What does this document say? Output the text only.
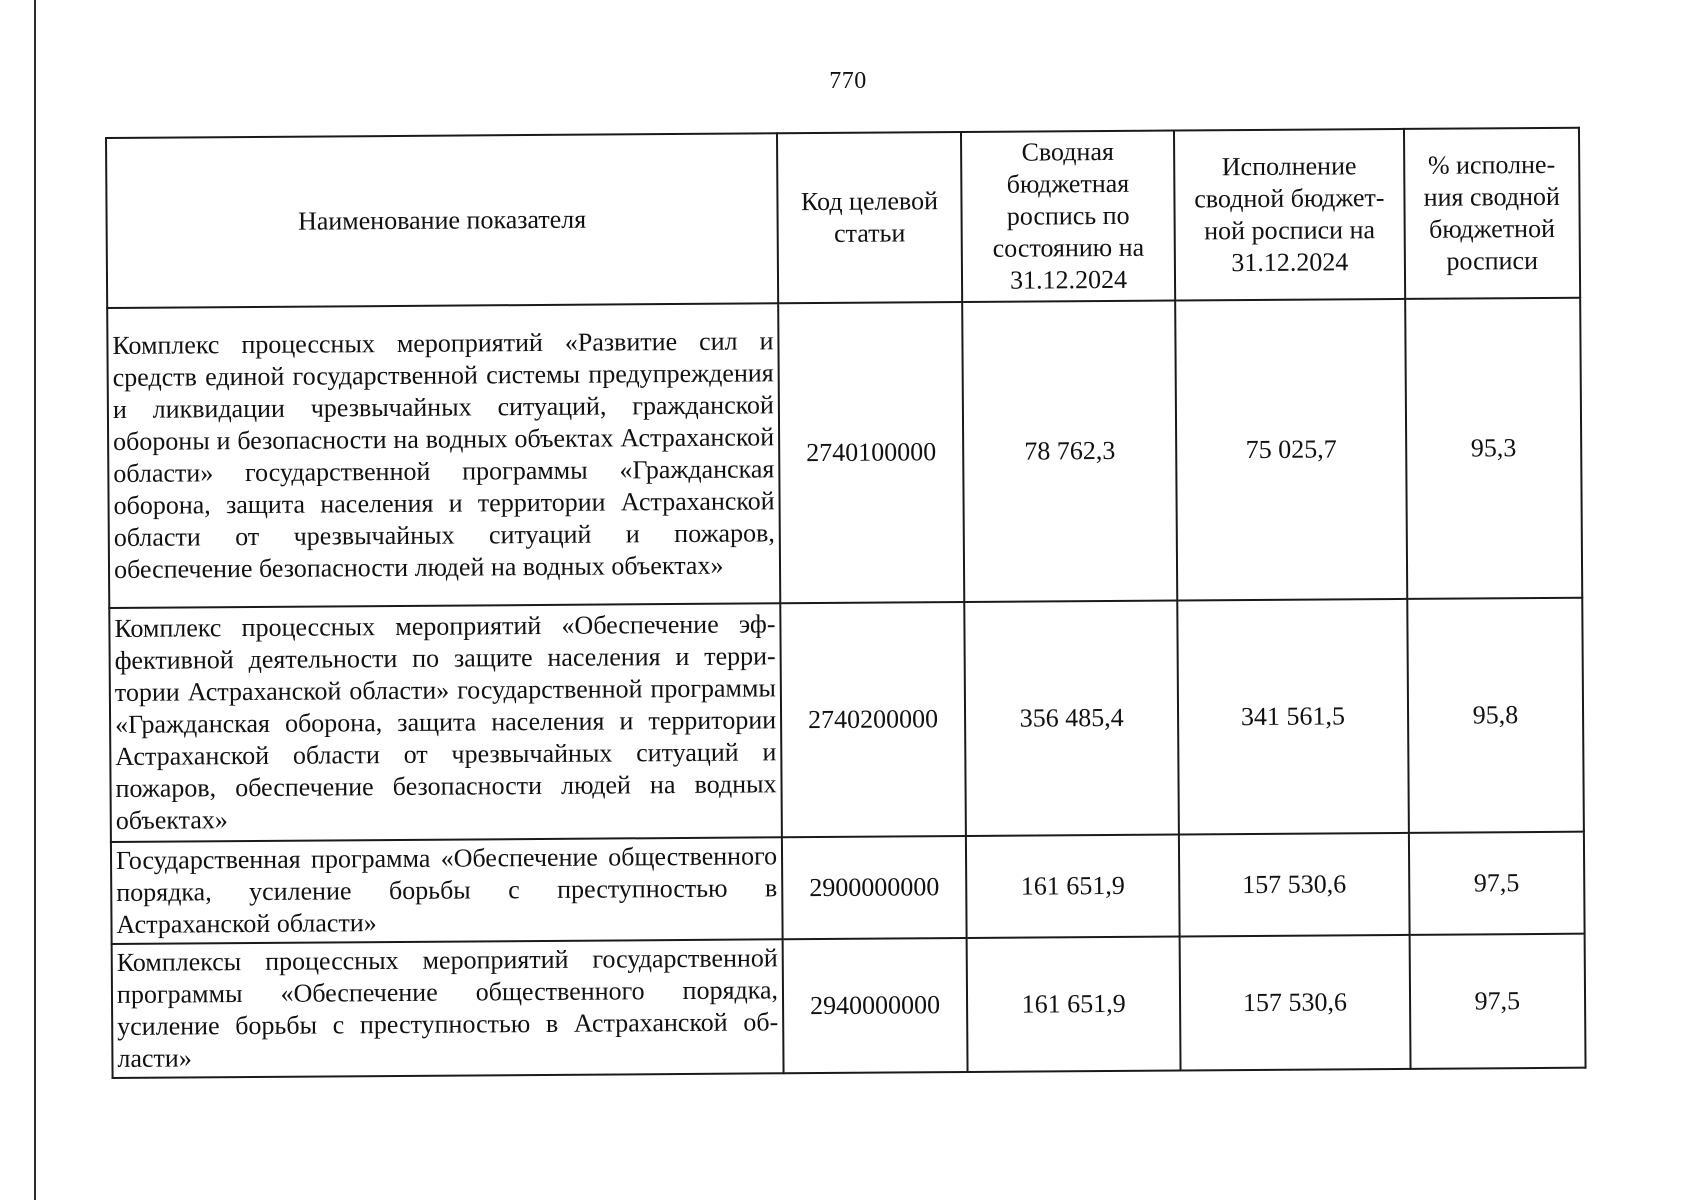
770
Наименование показателя	Код целевой статьи	Сводная бюджетная роспись по состоянию на 31.12.2024	Исполнение сводной бюджет-ной росписи на 31.12.2024	% исполне-ния сводной бюджетной росписи
Комплекс процессных мероприятий «Развитие сил и средств единой государственной системы предупреждения и ликвидации чрезвычайных ситуаций, гражданской обороны и безопасности на водных объектах Астраханской области» государственной программы «Гражданская оборона, защита населения и территории Астраханской области от чрезвычайных ситуаций и пожаров, обеспечение безопасности людей на водных объектах»	2740100000	78 762,3	75 025,7	95,3
Комплекс процессных мероприятий «Обеспечение эффективной деятельности по защите населения и территории Астраханской области» государственной программы «Гражданская оборона, защита населения и территории Астраханской области от чрезвычайных ситуаций и пожаров, обеспечение безопасности людей на водных объектах»	2740200000	356 485,4	341 561,5	95,8
Государственная программа «Обеспечение общественного порядка, усиление борьбы с преступностью в Астраханской области»	2900000000	161 651,9	157 530,6	97,5
Комплексы процессных мероприятий государственной программы «Обеспечение общественного порядка, усиление борьбы с преступностью в Астраханской области»	2940000000	161 651,9	157 530,6	97,5
